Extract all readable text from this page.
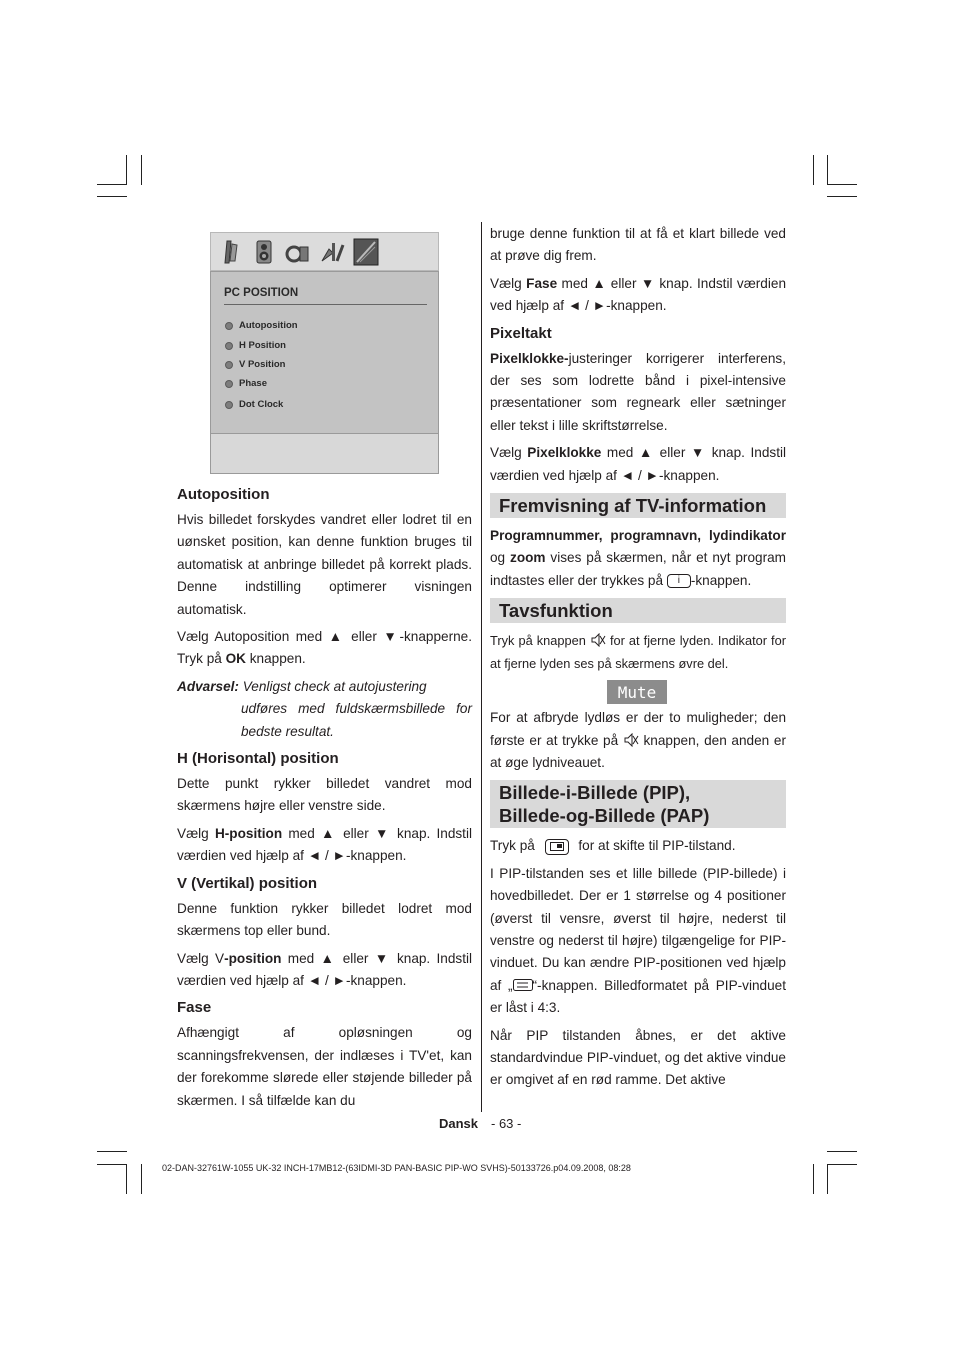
PC POSITION
Autoposition
H Position
V Position
Phase
Dot Clock
Autoposition

Hvis billedet forskydes vandret eller lodret til en uønsket position, kan denne funktion bruges til automatisk at anbringe billedet på korrekt plads. Denne indstilling optimerer visningen automatisk.

Vælg Autoposition med ▲ eller ▼-knapperne. Tryk på OK knappen.

Advarsel: Venligst check at autojustering
udføres med fuldskærmsbillede for bedste resultat.

H (Horisontal) position

Dette punkt rykker billedet vandret mod skærmens højre eller venstre side.

Vælg H-position med ▲ eller ▼ knap. Indstil værdien ved hjælp af ◄ / ►-knappen.

V (Vertikal) position

Denne funktion rykker billedet lodret mod skærmens top eller bund.

Vælg V-position med ▲ eller ▼ knap. Indstil værdien ved hjælp af ◄ / ►-knappen.

Fase

Afhængigt af opløsningen og scanningsfrekvensen, der indlæses i TV'et, kan der forekomme slørede eller støjende billeder på skærmen. I så tilfælde kan du

bruge denne funktion til at få et klart billede ved at prøve dig frem.

Vælg Fase med ▲ eller ▼ knap. Indstil værdien ved hjælp af ◄ / ►-knappen.

Pixeltakt

Pixelklokke-justeringer korrigerer interferens, der ses som lodrette bånd i pixel-intensive præsentationer som regneark eller sætninger eller tekst i lille skriftstørrelse.

Vælg Pixelklokke med ▲ eller ▼ knap. Indstil værdien ved hjælp af ◄ / ►-knappen.

Fremvisning af TV-information

Programnummer, programnavn, lydindikator og zoom vises på skærmen, når et nyt program indtastes eller der trykkes på i -knappen.

Tavsfunktion

Tryk på knappen  for at fjerne lyden. Indikator for at fjerne lyden ses på skærmens øvre del.

Mute

For at afbryde lydløs er der to muligheder; den første er at trykke på  knappen, den anden er at øge lydniveauet.

Billede-i-Billede (PIP),
Billede-og-Billede (PAP)

Tryk på	for at skifte til PIP-tilstand.

I PIP-tilstanden ses et lille billede (PIP-billede) i hovedbilledet. Der er 1 størrelse og 4 positioner (øverst til vensre, øverst til højre, nederst til venstre og nederst til højre) tilgængelige for PIP-vinduet. Du kan ændre PIP-positionen ved hjælp af „ “-knappen. Billedformatet på PIP-vinduet er låst i 4:3.

Når PIP tilstanden åbnes, er det aktive standardvindue PIP-vinduet, og det aktive vindue er omgivet af en rød ramme. Det aktive

Dansk - 63 -
02-DAN-32761W-1055 UK-32 INCH-17MB12-(63IDMI-3D PAN-BASIC PIP-WO SVHS)-50133726.p04.09.2008, 08:28
